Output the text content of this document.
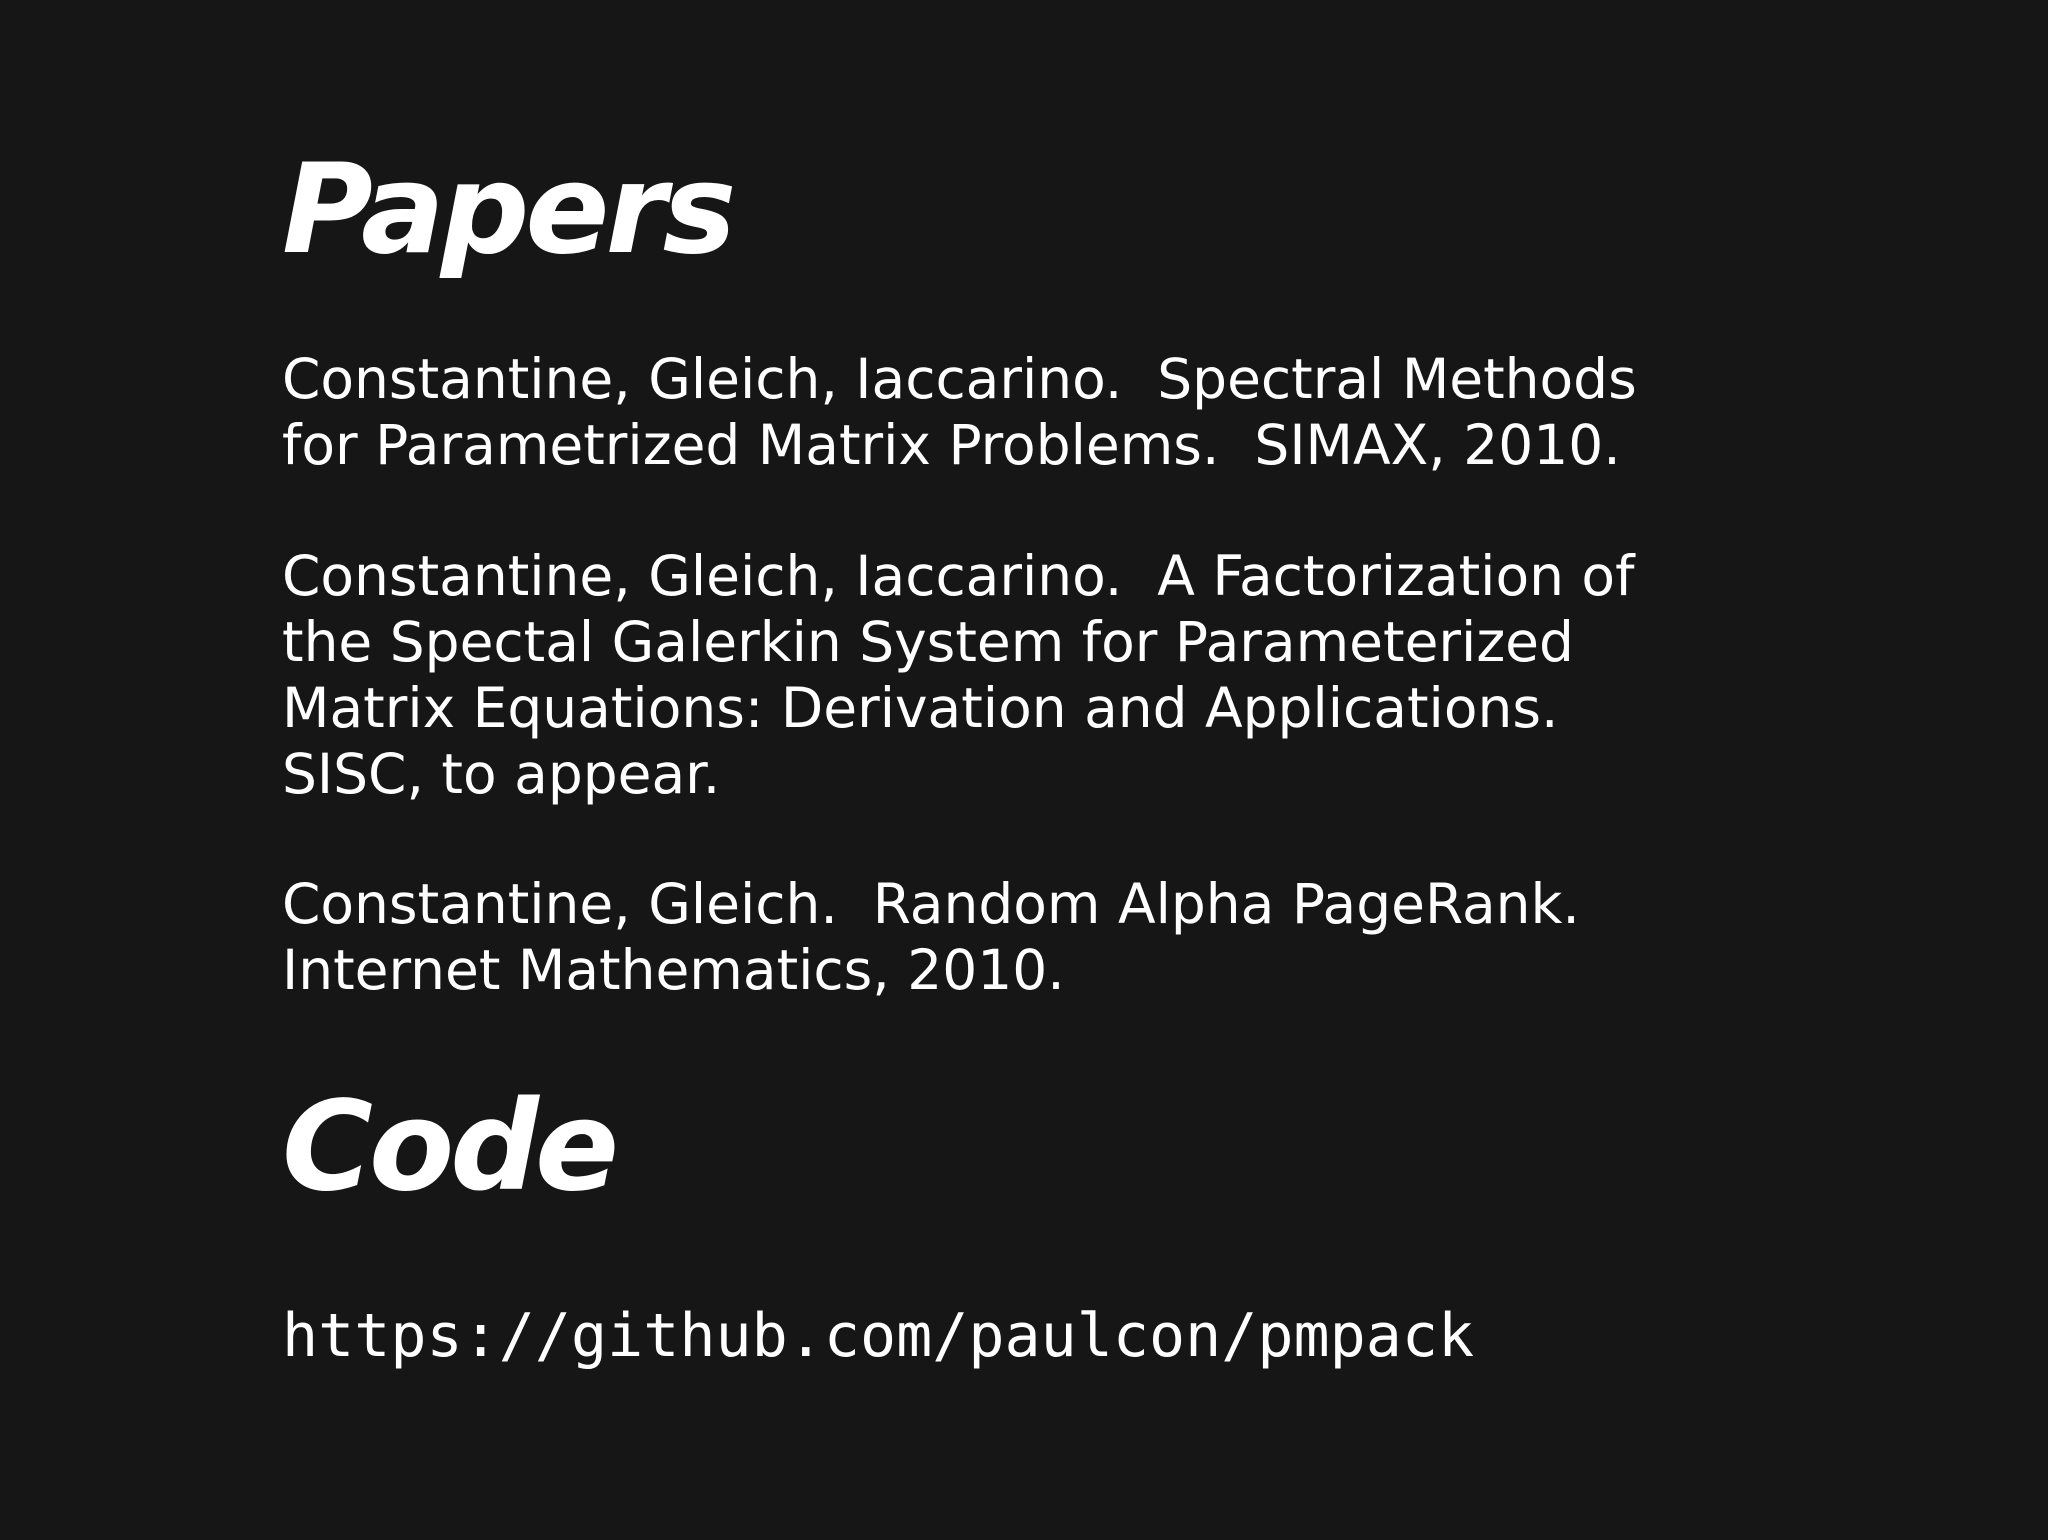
Papers

Constantine, Gleich, Iaccarino.  Spectral Methods
for Parametrized Matrix Problems.  SIMAX, 2010.

Constantine, Gleich, Iaccarino.  A Factorization of
the Spectal Galerkin System for Parameterized
Matrix Equations: Derivation and Applications.
SISC, to appear.

Constantine, Gleich.  Random Alpha PageRank.
Internet Mathematics, 2010.

Code

https://github.com/paulcon/pmpack
